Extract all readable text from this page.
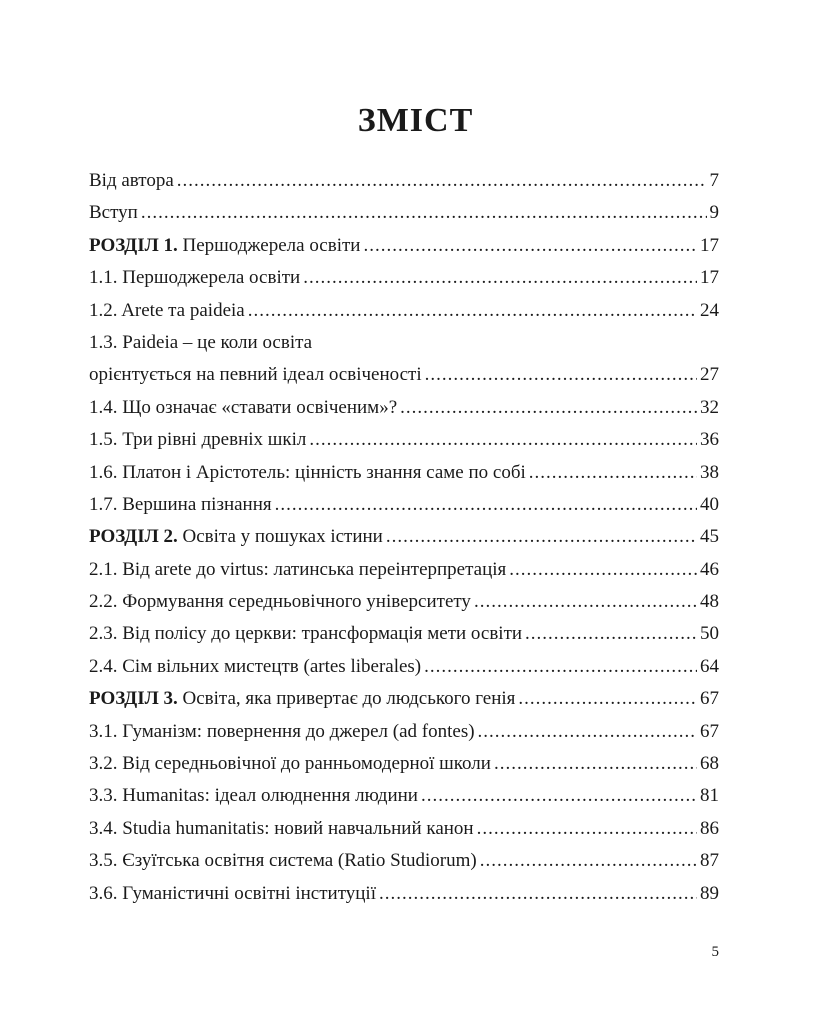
ЗМІСТ
Від автора .....	7
Вступ .....	9
РОЗДІЛ 1. Першоджерела освіти .....	17
1.1. Першоджерела освіти .....	17
1.2. Arete та paideia .....	24
1.3. Paideia – це коли освіта
орієнтується на певний ідеал освіченості .....	27
1.4. Що означає «ставати освіченим»? .....	32
1.5. Три рівні древніх шкіл .....	36
1.6. Платон і Арістотель: цінність знання саме по собі .....	38
1.7. Вершина пізнання .....	40
РОЗДІЛ 2. Освіта у пошуках істини .....	45
2.1. Від arete до virtus: латинська переінтерпретація .....	46
2.2. Формування середньовічного університету .....	48
2.3. Від полісу до церкви: трансформація мети освіти .....	50
2.4. Сім вільних мистецтв (artes liberales) .....	64
РОЗДІЛ 3. Освіта, яка привертає до людського генія .....	67
3.1. Гуманізм: повернення до джерел (ad fontes) .....	67
3.2. Від середньовічної до ранньомодерної школи .....	68
3.3. Humanitas: ідеал олюднення людини .....	81
3.4. Studia humanitatis: новий навчальний канон .....	86
3.5. Єзуїтська освітня система (Ratio Studiorum) .....	87
3.6. Гуманістичні освітні інституції .....	89
5
